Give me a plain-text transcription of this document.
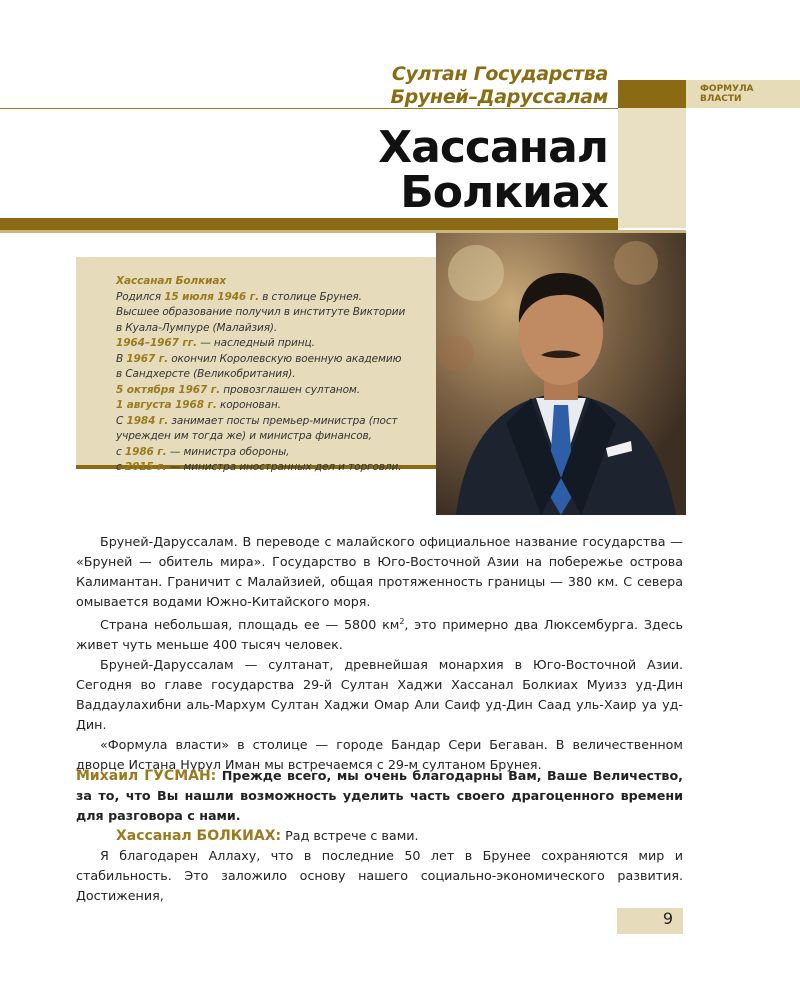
Султан Государства
Бруней–Даруссалам	ФОРМУЛА
ВЛАСТИ
Хассанал
Болкиах
Хассанал Болкиах
Родился 15 июля 1946 г. в столице Брунея.
Высшее образование получил в институте Виктории
в Куала-Лумпуре (Малайзия).
1964–1967 гг. — наследный принц.
В 1967 г. окончил Королевскую военную академию
в Сандхерсте (Великобритания).
5 октября 1967 г. провозглашен султаном.
1 августа 1968 г. коронован.
С 1984 г. занимает посты премьер-министра (пост
учрежден им тогда же) и министра финансов,
с 1986 г. — министра обороны,
с 2015 г. — министра иностранных дел и торговли.

Бруней-Даруссалам. В переводе с малайского официальное название государства — «Бруней — обитель мира». Государство в Юго-Восточной Азии на побережье острова Калимантан. Граничит с Малайзией, общая протяженность границы — 380 км. С севера омывается водами Южно-Китайского моря.

Страна небольшая, площадь ее — 5800 $км^2$, это примерно два Люксембурга. Здесь живет чуть меньше 400 тысяч человек.

Бруней-Даруссалам — султанат, древнейшая монархия в Юго-Восточной Азии. Сегодня во главе государства 29-й Султан Хаджи Хассанал Болкиах Муизз уд-Дин Ваддаулахибни аль-Мархум Султан Хаджи Омар Али Саиф уд-Дин Саад уль-Хаир уа уд-Дин.

«Формула власти» в столице — городе Бандар Сери Бегаван. В величественном дворце Истана Нурул Иман мы встречаемся с 29-м султаном Брунея.

Михаил ГУСМАН: Прежде всего, мы очень благодарны Вам, Ваше Величество, за то, что Вы нашли возможность уделить часть своего драгоценного времени для разговора с нами.

Хассанал БОЛКИАХ: Рад встрече с вами.

Я благодарен Аллаху, что в последние 50 лет в Брунее сохраняются мир и стабильность. Это заложило основу нашего социально-экономического развития. Достижения,

9
